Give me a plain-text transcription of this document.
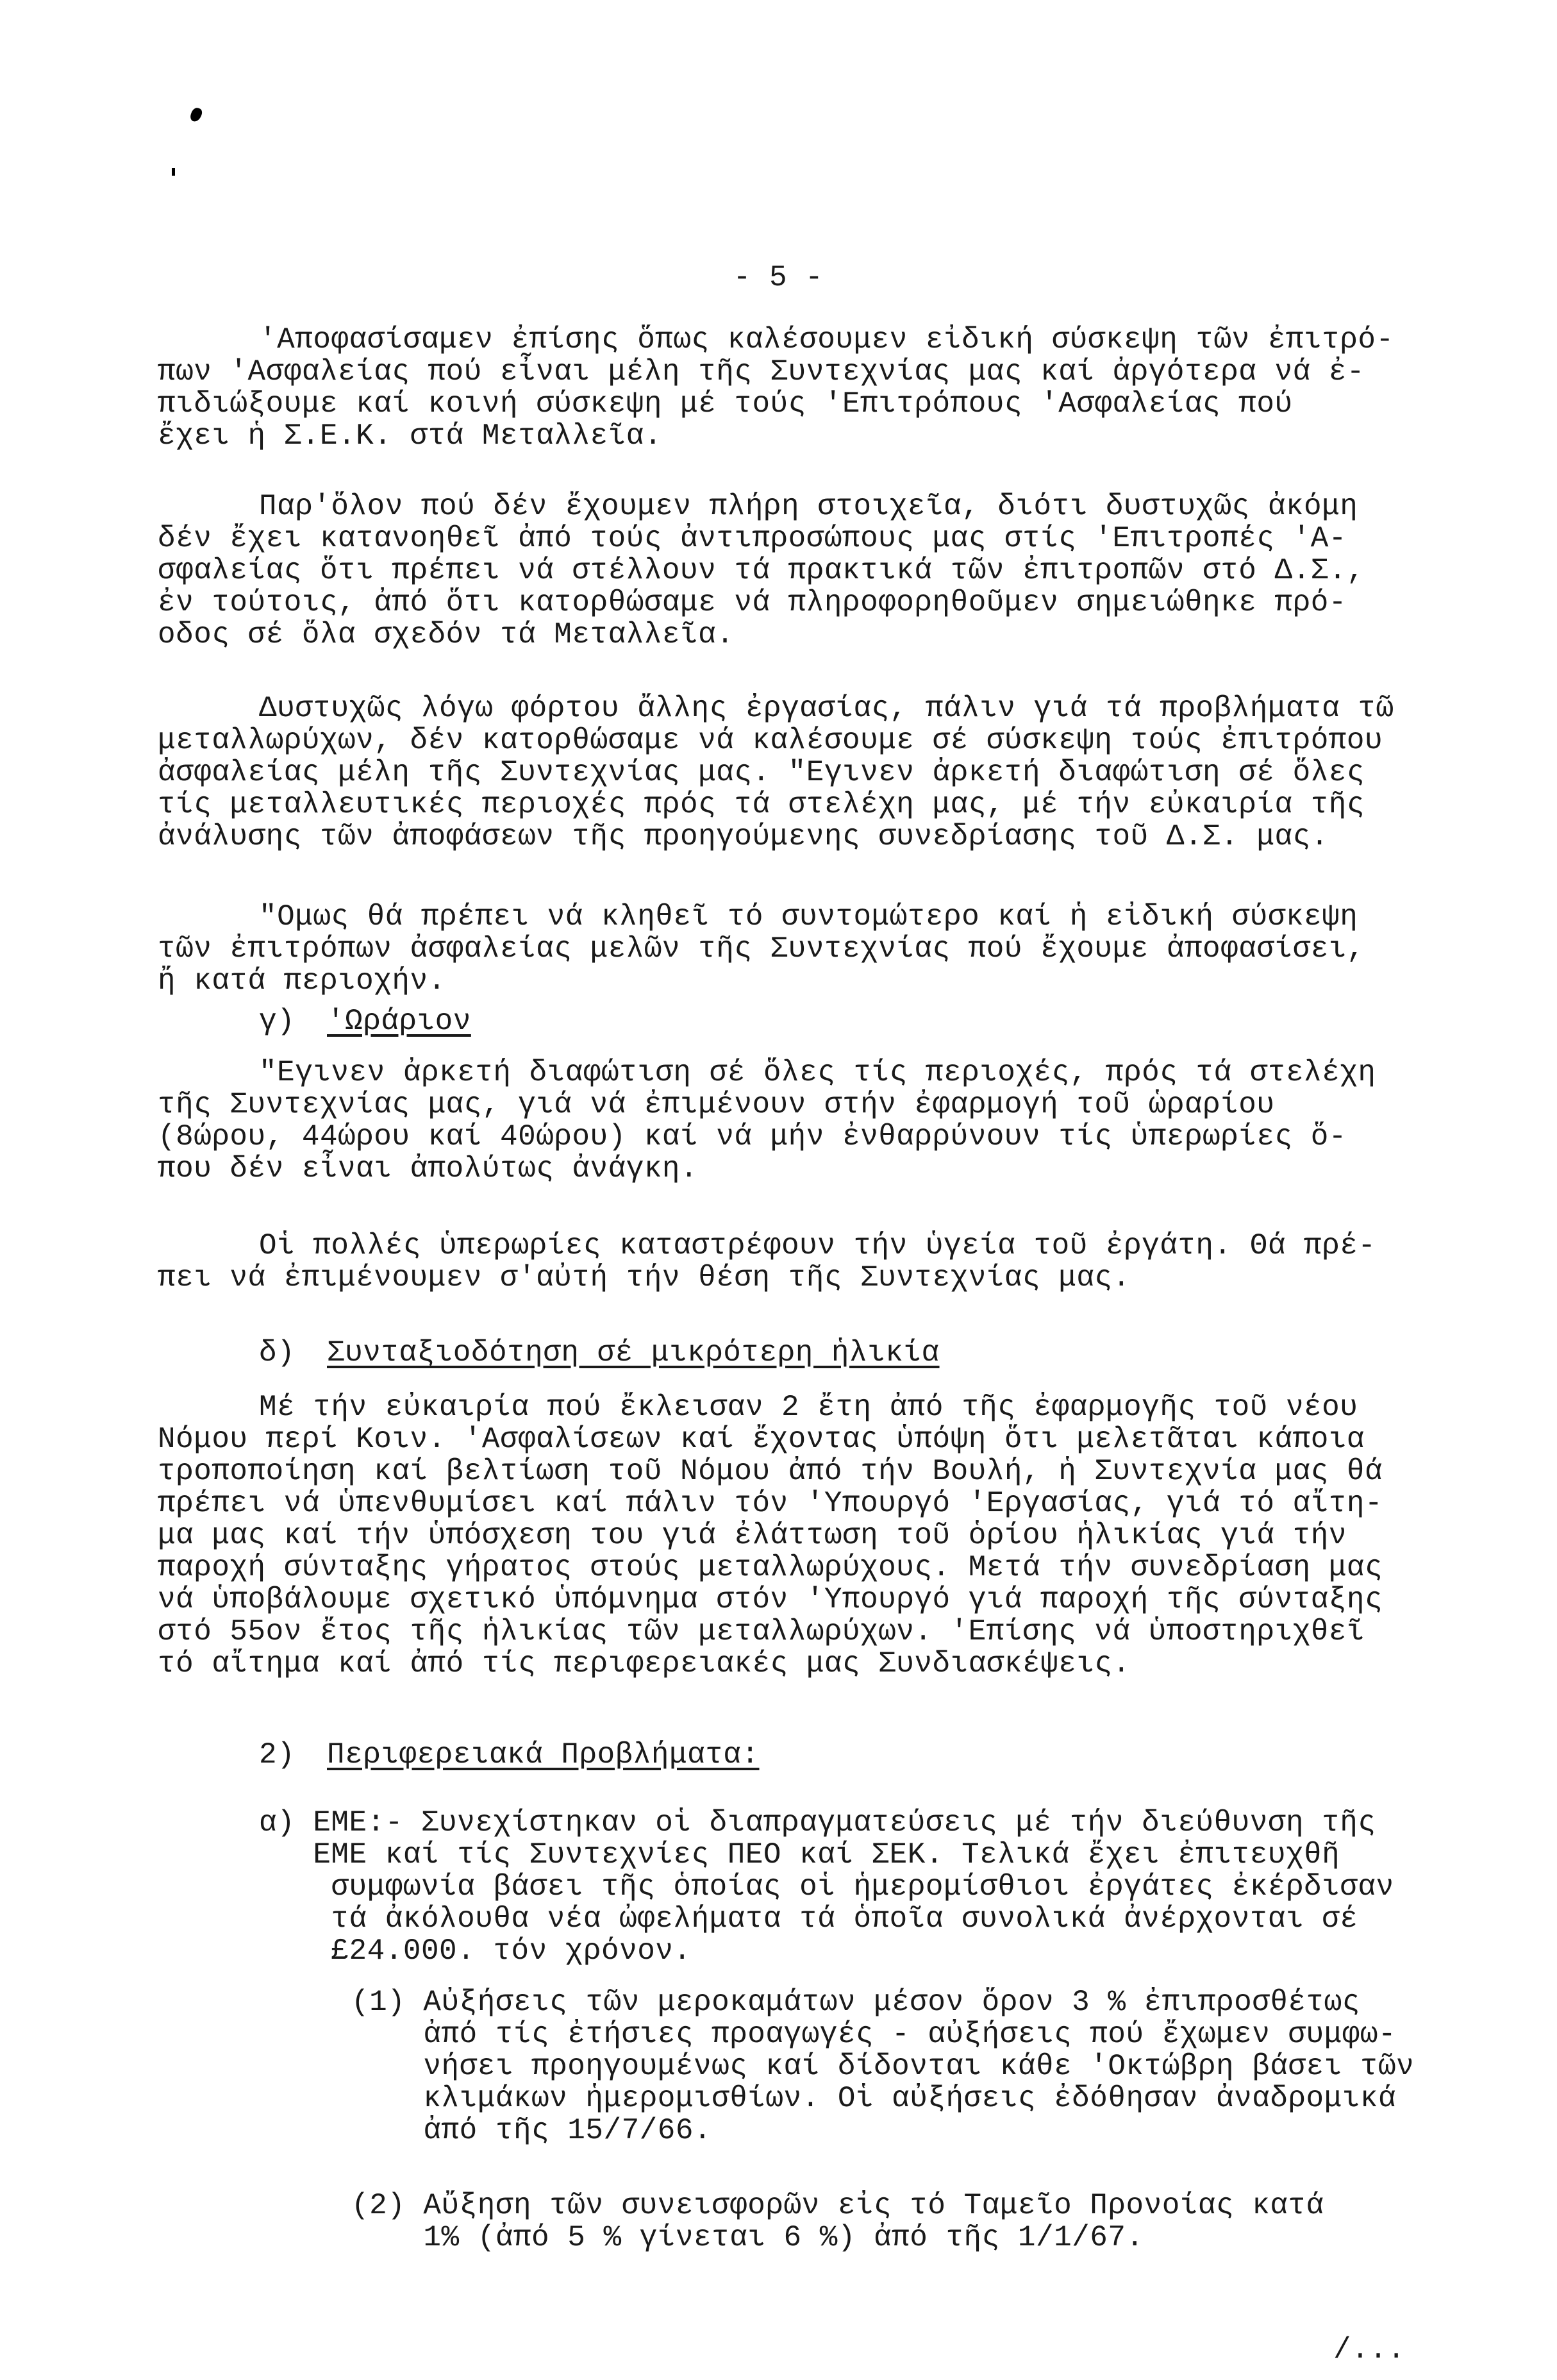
- 5 -
'Αποφασίσαμεν ἐπίσης ὅπως καλέσουμεν εἰδική σύσκεψη τῶν ἐπιτρό-
πων 'Ασφαλείας πού εἶναι μέλη τῆς Συντεχνίας μας καί ἀργότερα νά ἐ-
πιδιώξουμε καί κοινή σύσκεψη μέ τούς 'Επιτρόπους 'Ασφαλείας πού
ἔχει ἡ Σ.Ε.Κ. στά Μεταλλεῖα.
Παρ'ὅλον πού δέν ἔχουμεν πλήρη στοιχεῖα, διότι δυστυχῶς ἀκόμη
δέν ἔχει κατανοηθεῖ ἀπό τούς ἀντιπροσώπους μας στίς 'Επιτροπές 'Α-
σφαλείας ὅτι πρέπει νά στέλλουν τά πρακτικά τῶν ἐπιτροπῶν στό Δ.Σ.,
ἐν τούτοις, ἀπό ὅτι κατορθώσαμε νά πληροφορηθοῦμεν σημειώθηκε πρό-
οδος σέ ὅλα σχεδόν τά Μεταλλεῖα.
Δυστυχῶς λόγω φόρτου ἄλλης ἐργασίας, πάλιν γιά τά προβλήματα τῶ
μεταλλωρύχων, δέν κατορθώσαμε νά καλέσουμε σέ σύσκεψη τούς ἐπιτρόπου
ἀσφαλείας μέλη τῆς Συντεχνίας μας. "Εγινεν ἀρκετή διαφώτιση σέ ὅλες
τίς μεταλλευτικές περιοχές πρός τά στελέχη μας, μέ τήν εὐκαιρία τῆς
ἀνάλυσης τῶν ἀποφάσεων τῆς προηγούμενης συνεδρίασης τοῦ Δ.Σ. μας.
"Ομως θά πρέπει νά κληθεῖ τό συντομώτερο καί ἡ εἰδική σύσκεψη
τῶν ἐπιτρόπων ἀσφαλείας μελῶν τῆς Συντεχνίας πού ἔχουμε ἀποφασίσει,
ἤ κατά περιοχήν.
γ) 'Ωράριον
"Εγινεν ἀρκετή διαφώτιση σέ ὅλες τίς περιοχές, πρός τά στελέχη
τῆς Συντεχνίας μας, γιά νά ἐπιμένουν στήν ἐφαρμογή τοῦ ὡραρίου
(8ώρου, 44ώρου καί 40ώρου) καί νά μήν ἐνθαρρύνουν τίς ὑπερωρίες ὅ-
που δέν εἶναι ἀπολύτως ἀνάγκη.
Οἱ πολλές ὑπερωρίες καταστρέφουν τήν ὑγεία τοῦ ἐργάτη. Θά πρέ-
πει νά ἐπιμένουμεν σ'αὐτή τήν θέση τῆς Συντεχνίας μας.
δ) Συνταξιοδότηση σέ μικρότερη ἡλικία
Μέ τήν εὐκαιρία πού ἔκλεισαν 2 ἔτη ἀπό τῆς ἐφαρμογῆς τοῦ νέου
Νόμου περί Κοιν. 'Ασφαλίσεων καί ἔχοντας ὑπόψη ὅτι μελετᾶται κάποια
τροποποίηση καί βελτίωση τοῦ Νόμου ἀπό τήν Βουλή, ἡ Συντεχνία μας θά
πρέπει νά ὑπενθυμίσει καί πάλιν τόν 'Υπουργό 'Εργασίας, γιά τό αἴτη-
μα μας καί τήν ὑπόσχεση του γιά ἐλάττωση τοῦ ὁρίου ἡλικίας γιά τήν
παροχή σύνταξης γήρατος στούς μεταλλωρύχους. Μετά τήν συνεδρίαση μας
νά ὑποβάλουμε σχετικό ὑπόμνημα στόν 'Υπουργό γιά παροχή τῆς σύνταξης
στό 55ον ἔτος τῆς ἡλικίας τῶν μεταλλωρύχων. 'Επίσης νά ὑποστηριχθεῖ
τό αἴτημα καί ἀπό τίς περιφερειακές μας Συνδιασκέψεις.
2) Περιφερειακά Προβλήματα:
α) ΕΜΕ:- Συνεχίστηκαν οἱ διαπραγματεύσεις μέ τήν διεύθυνση τῆς
ΕΜΕ καί τίς Συντεχνίες ΠΕΟ καί ΣΕΚ. Τελικά ἔχει ἐπιτευχθῆ
συμφωνία βάσει τῆς ὁποίας οἱ ἡμερομίσθιοι ἐργάτες ἐκέρδισαν
τά ἀκόλουθα νέα ὠφελήματα τά ὁποῖα συνολικά ἀνέρχονται σέ
£24.000. τόν χρόνον.
(1) Αὐξήσεις τῶν μεροκαμάτων μέσον ὅρον 3 % ἐπιπροσθέτως
ἀπό τίς ἐτήσιες προαγωγές - αὐξήσεις πού ἔχωμεν συμφω-
νήσει προηγουμένως καί δίδονται κάθε 'Οκτώβρη βάσει τῶν
κλιμάκων ἡμερομισθίων. Οἱ αὐξήσεις ἐδόθησαν ἀναδρομικά
ἀπό τῆς 15/7/66.
(2) Αὔξηση τῶν συνεισφορῶν εἰς τό Ταμεῖο Προνοίας κατά
1% (ἀπό 5 % γίνεται 6 %) ἀπό τῆς 1/1/67.
/...
